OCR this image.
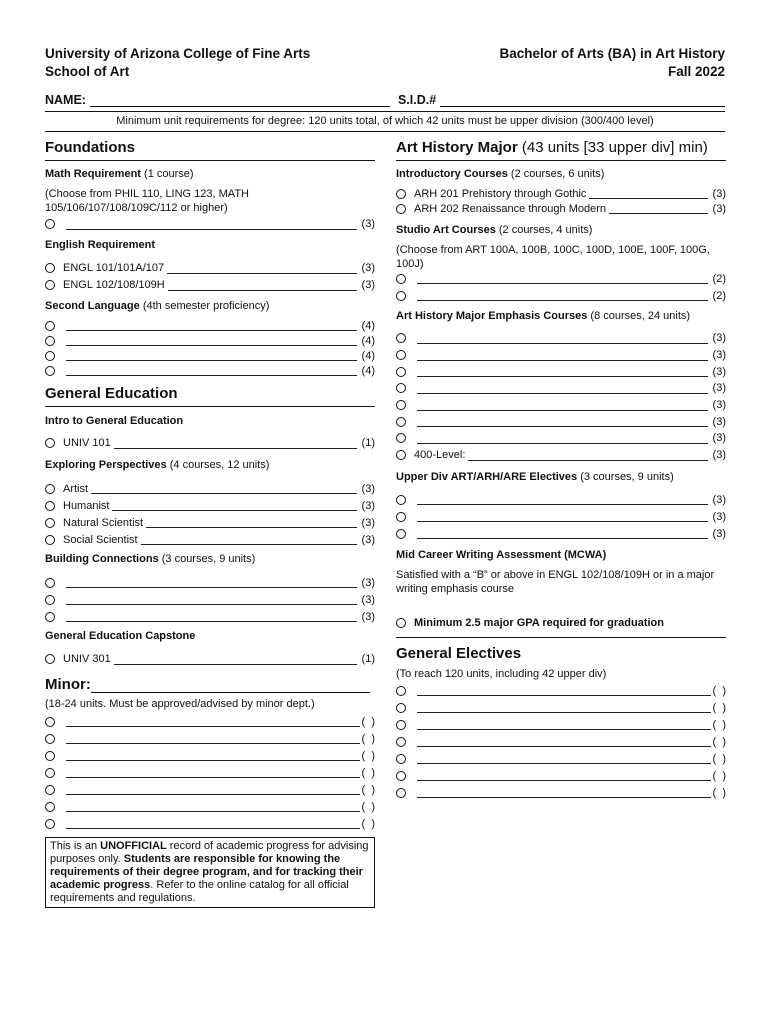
University of Arizona College of Fine Arts
School of Art
Bachelor of Arts (BA) in Art History
Fall 2022
NAME:	S.I.D.#
Minimum unit requirements for degree: 120 units total, of which 42 units must be upper division (300/400 level)
Foundations
Math Requirement (1 course)
(Choose from PHIL 110, LING 123, MATH 105/106/107/108/109C/112 or higher)
(3)
English Requirement
ENGL 101/101A/107	(3)
ENGL 102/108/109H	(3)
Second Language (4th semester proficiency)
(4)
(4)
(4)
(4)
General Education
Intro to General Education
UNIV 101	(1)
Exploring Perspectives (4 courses, 12 units)
Artist	(3)
Humanist	(3)
Natural Scientist	(3)
Social Scientist	(3)
Building Connections (3 courses, 9 units)
(3)
(3)
(3)
General Education Capstone
UNIV 301	(1)
Minor:
(18-24 units. Must be approved/advised by minor dept.)
(  )
(  )
(  )
(  )
(  )
(  )
(  )
This is an UNOFFICIAL record of academic progress for advising purposes only. Students are responsible for knowing the requirements of their degree program, and for tracking their academic progress. Refer to the online catalog for all official requirements and regulations.
Art History Major (43 units [33 upper div] min)
Introductory Courses (2 courses, 6 units)
ARH 201 Prehistory through Gothic	(3)
ARH 202 Renaissance through Modern	(3)
Studio Art Courses (2 courses, 4 units)
(Choose from ART 100A, 100B, 100C, 100D, 100E, 100F, 100G, 100J)
(2)
(2)
Art History Major Emphasis Courses (8 courses, 24 units)
(3)
(3)
(3)
(3)
(3)
(3)
(3)
400-Level:	(3)
Upper Div ART/ARH/ARE Electives (3 courses, 9 units)
(3)
(3)
(3)
Mid Career Writing Assessment (MCWA)
Satisfied with a “B” or above in ENGL 102/108/109H or in a major writing emphasis course
Minimum 2.5 major GPA required for graduation
General Electives
(To reach 120 units, including 42 upper div)
(  )
(  )
(  )
(  )
(  )
(  )
(  )
